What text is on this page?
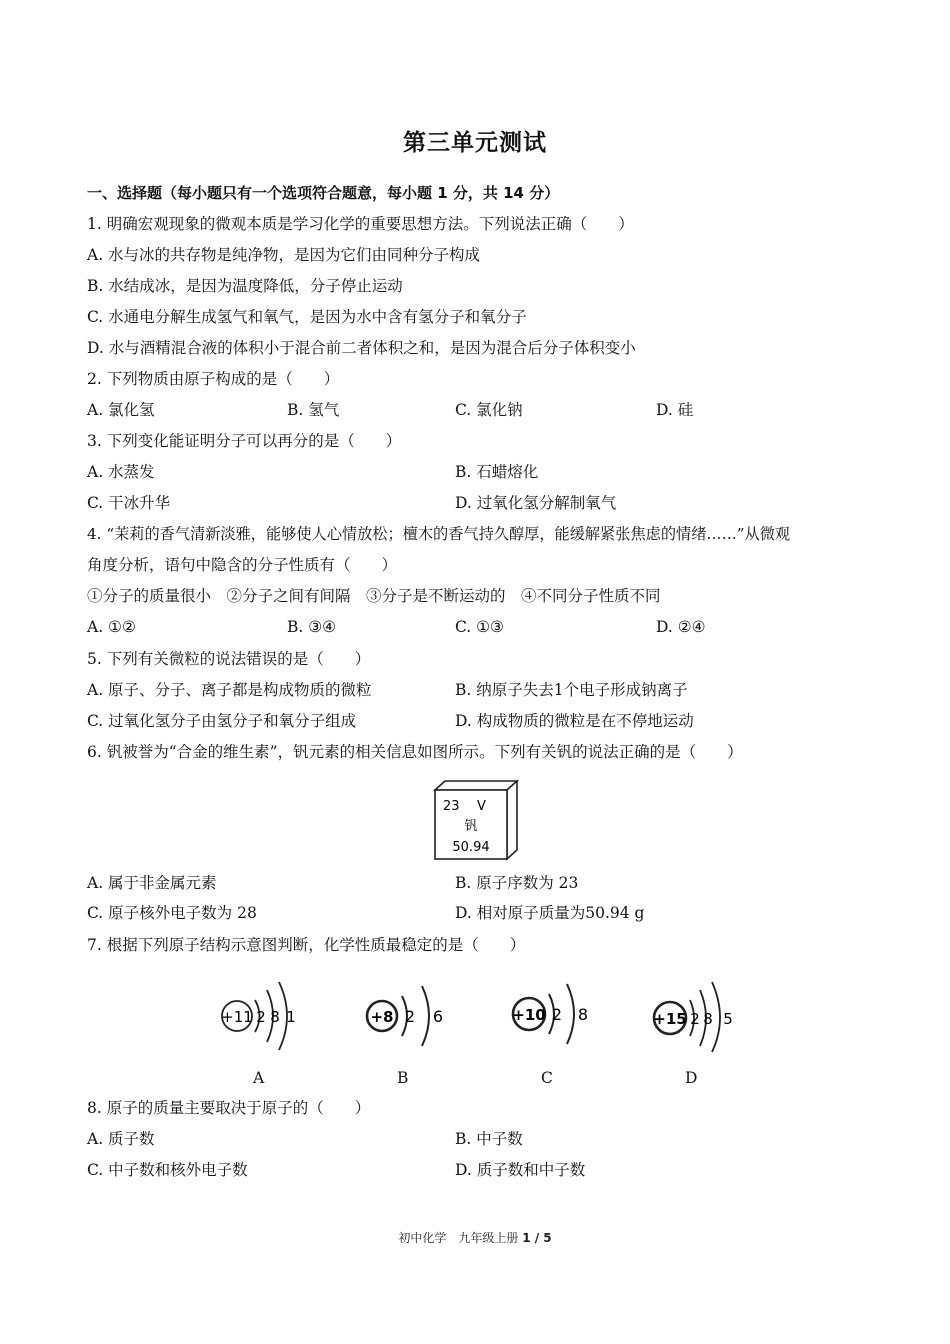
第三单元测试
一、选择题（每小题只有一个选项符合题意，每小题 1 分，共 14 分）
1. 明确宏观现象的微观本质是学习化学的重要思想方法。下列说法正确（　　）
A. 水与冰的共存物是纯净物，是因为它们由同种分子构成
B. 水结成冰，是因为温度降低，分子停止运动
C. 水通电分解生成氢气和氧气，是因为水中含有氢分子和氧分子
D. 水与酒精混合液的体积小于混合前二者体积之和，是因为混合后分子体积变小
2. 下列物质由原子构成的是（　　）
A. 氯化氢	B. 氢气	C. 氯化钠	D. 硅
3. 下列变化能证明分子可以再分的是（　　）
A. 水蒸发	B. 石蜡熔化
C. 干冰升华	D. 过氧化氢分解制氧气
4. “茉莉的香气清新淡雅，能够使人心情放松；檀木的香气持久醇厚，能缓解紧张焦虑的情绪……”从微观
角度分析，语句中隐含的分子性质有（　　）
①分子的质量很小　②分子之间有间隔　③分子是不断运动的　④不同分子性质不同
A. ①②	B. ③④	C. ①③	D. ②④
5. 下列有关微粒的说法错误的是（　　）
A. 原子、分子、离子都是构成物质的微粒	B. 纳原子失去1个电子形成钠离子
C. 过氧化氢分子由氢分子和氧分子组成	D. 构成物质的微粒是在不停地运动
6. 钒被誉为“合金的维生素”，钒元素的相关信息如图所示。下列有关钒的说法正确的是（　　）
23 V
钒
50.94
A. 属于非金属元素	B. 原子序数为 23
C. 原子核外电子数为 28	D. 相对原子质量为50.94 g
7. 根据下列原子结构示意图判断，化学性质最稳定的是（　　）
+11 2 8 1	+8 2 6	+10 2 8	+15 2 8 5
A	B	C	D
8. 原子的质量主要取决于原子的（　　）
A. 质子数	B. 中子数
C. 中子数和核外电子数	D. 质子数和中子数
初中化学　九年级上册 1 / 5
